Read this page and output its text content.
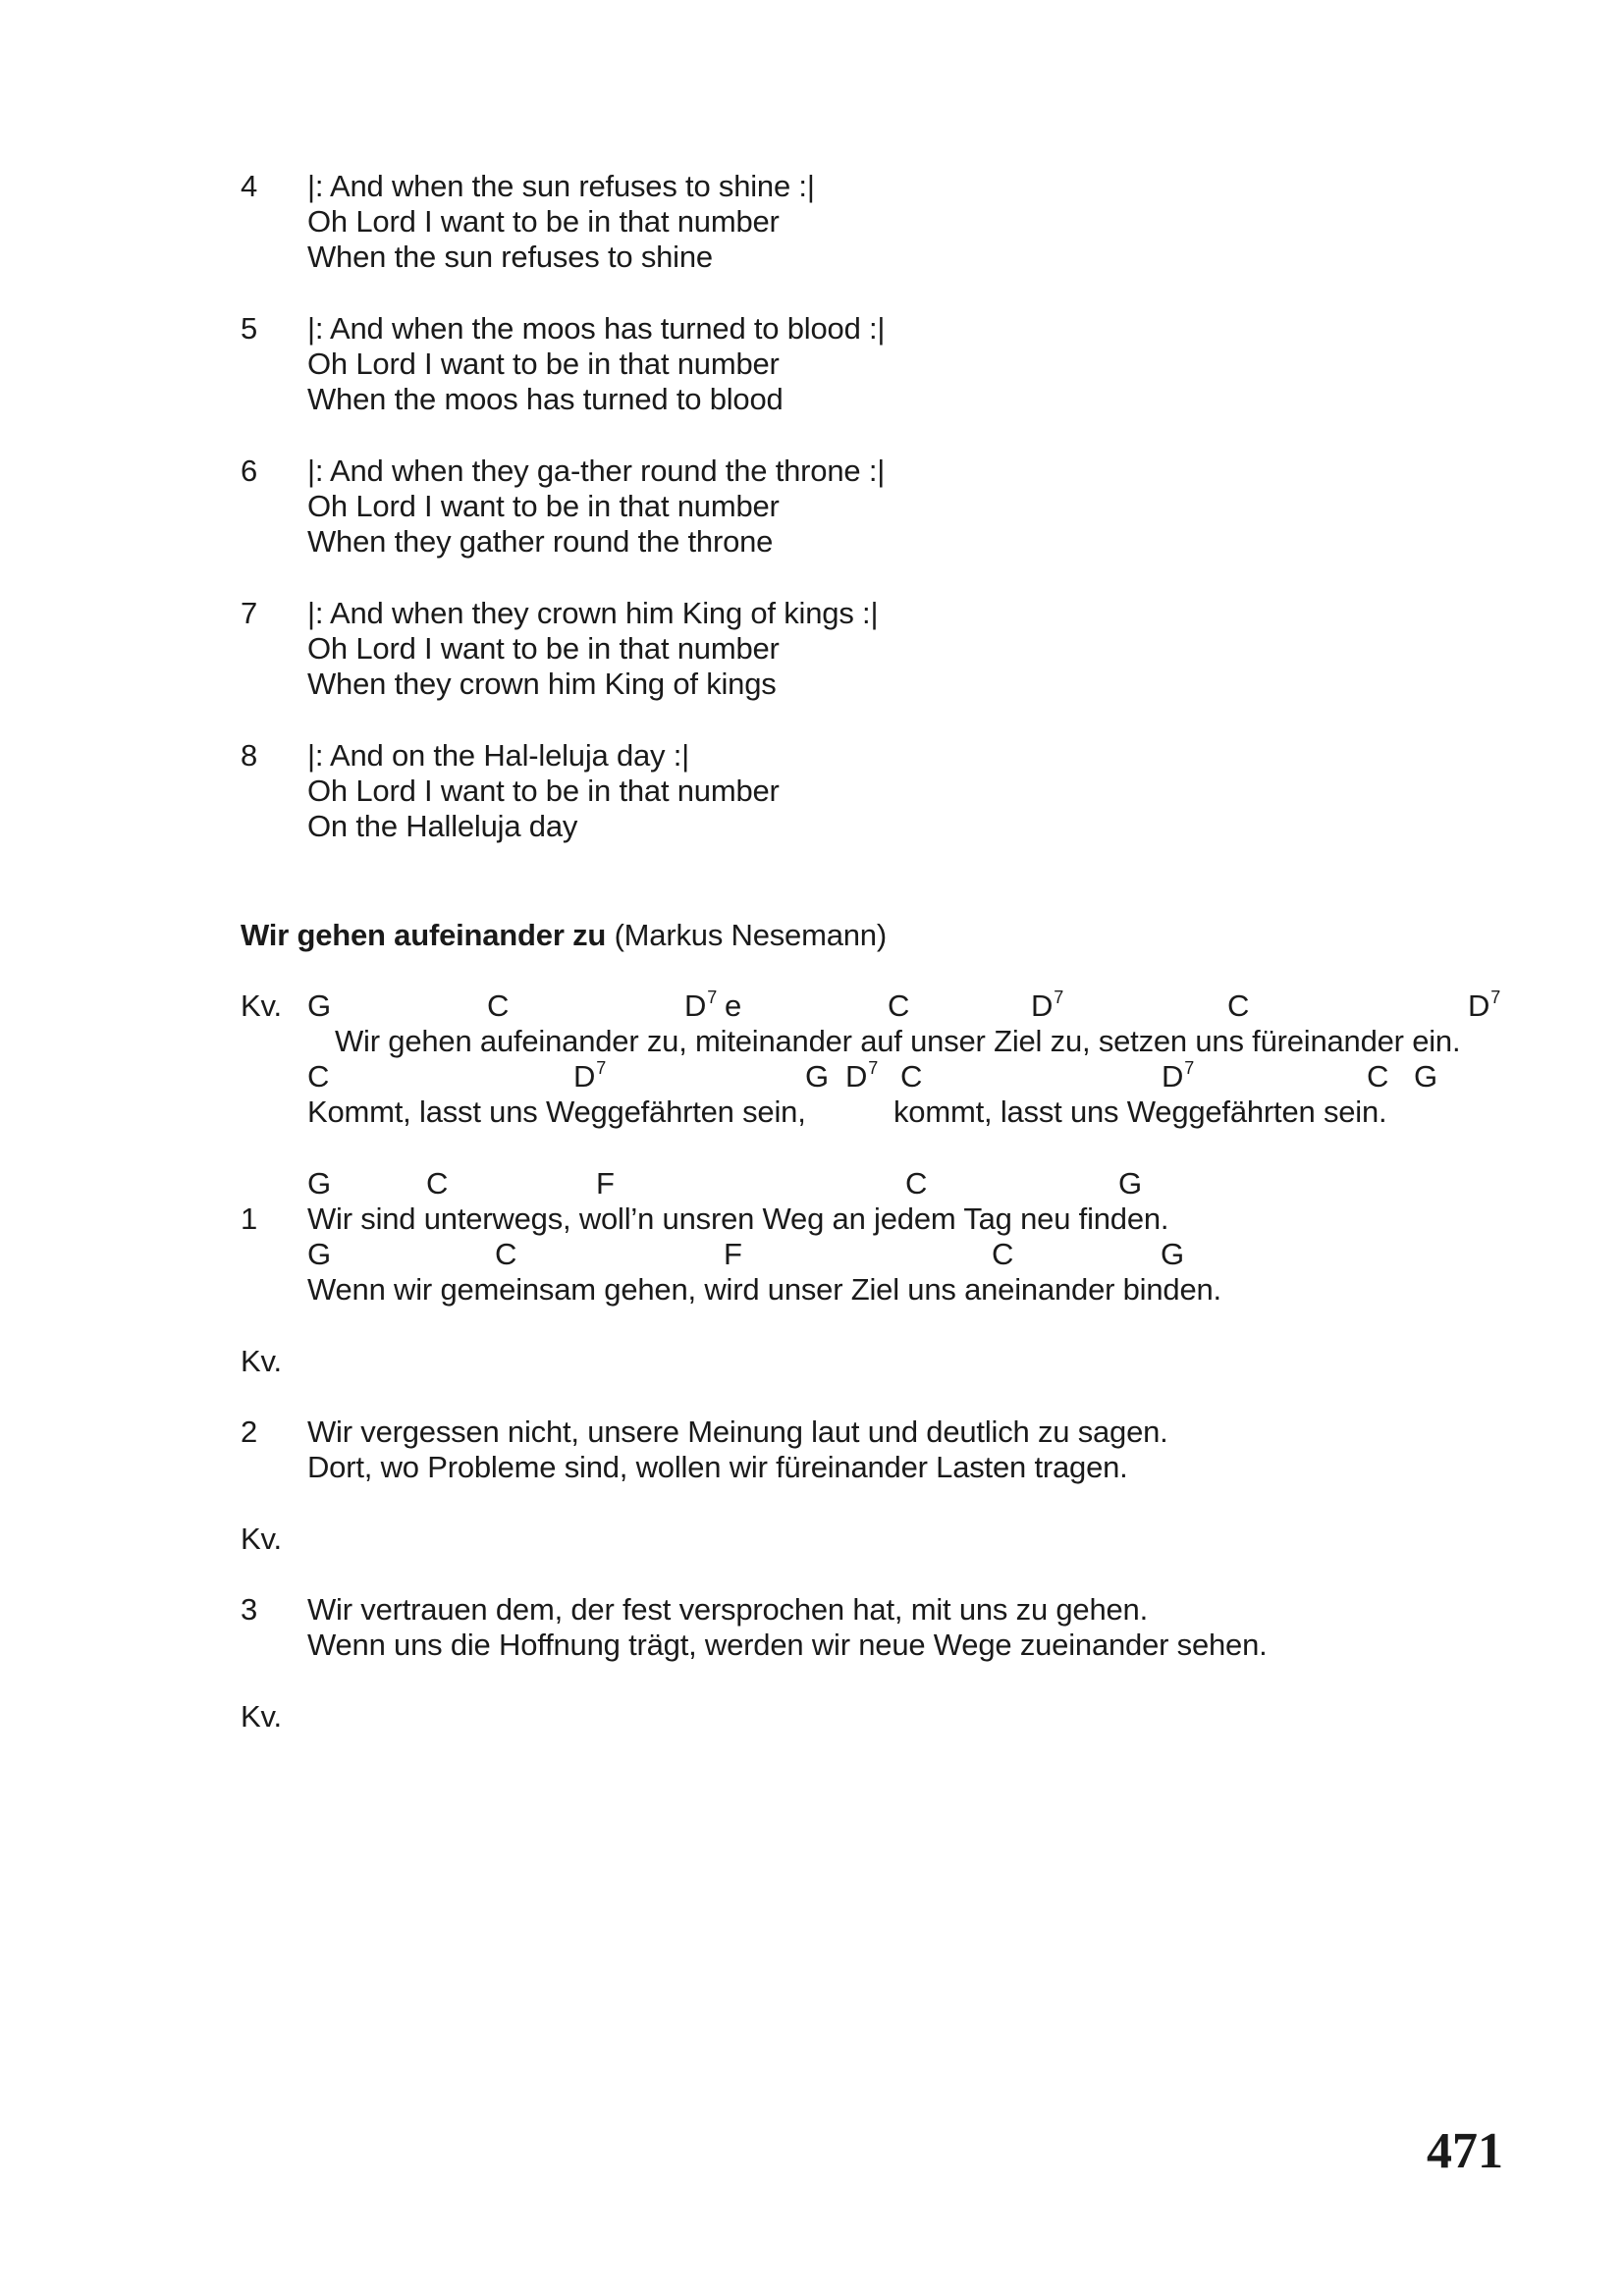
4 |: And when the sun refuses to shine :|
Oh Lord I want to be in that number
When the sun refuses to shine
5 |: And when the moos has turned to blood :|
Oh Lord I want to be in that number
When the moos has turned to blood
6 |: And when they ga-ther round the throne :|
Oh Lord I want to be in that number
When they gather round the throne
7 |: And when they crown him King of kings :|
Oh Lord I want to be in that number
When they crown him King of kings
8 |: And on the Hal-leluja day :|
Oh Lord I want to be in that number
On the Halleluja day
Wir gehen aufeinander zu (Markus Nesemann)
Kv. G	C	$D^7$ e	C	$D^7$	C	$D^7$
Wir gehen aufeinander zu, miteinander auf unser Ziel zu, setzen uns füreinander ein.
C	$D^7$	G $D^7$ C	$D^7$	C G
Kommt, lasst uns Weggefährten sein,	kommt, lasst uns Weggefährten sein.
G	C	F	C	G
1 Wir sind unterwegs, woll’n unsren Weg an jedem Tag neu finden.
G	C	F	C	G
Wenn wir gemeinsam gehen, wird unser Ziel uns aneinander binden.
Kv.
2 Wir vergessen nicht, unsere Meinung laut und deutlich zu sagen.
Dort, wo Probleme sind, wollen wir füreinander Lasten tragen.
Kv.
3 Wir vertrauen dem, der fest versprochen hat, mit uns zu gehen.
Wenn uns die Hoffnung trägt, werden wir neue Wege zueinander sehen.
Kv.
471
